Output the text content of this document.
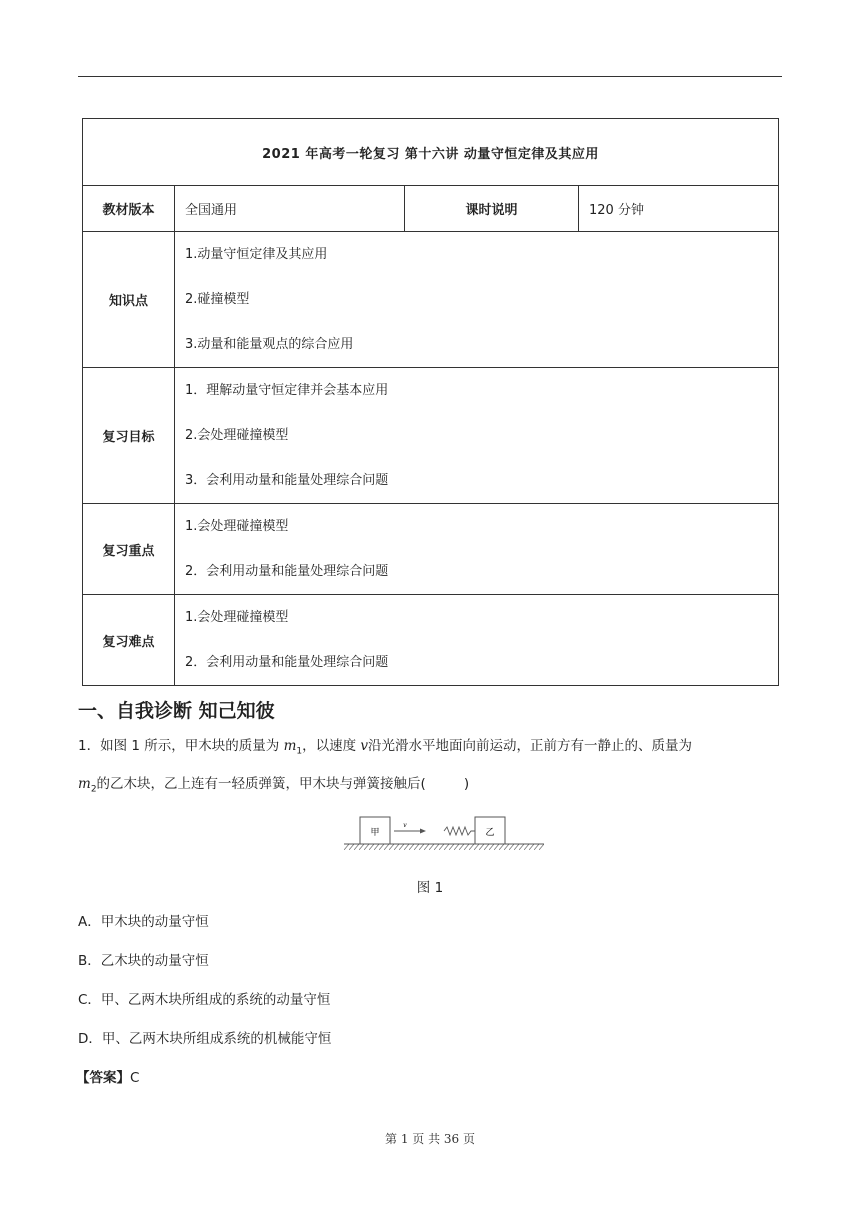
2021 年高考一轮复习 第十六讲 动量守恒定律及其应用			
教材版本	全国通用	课时说明	120 分钟
知识点	1.动量守恒定律及其应用
2.碰撞模型
3.动量和能量观点的综合应用		

复习目标	1．理解动量守恒定律并会基本应用
2.会处理碰撞模型
3．会利用动量和能量处理综合问题		

复习重点	1.会处理碰撞模型
2．会利用动量和能量处理综合问题		

复习难点	1.会处理碰撞模型
2．会利用动量和能量处理综合问题		
一、自我诊断 知己知彼
1．如图 1 所示，甲木块的质量为 $m_1$，以速度 v沿光滑水平地面向前运动，正前方有一静止的、质量为
$m_2$的乙木块，乙上连有一轻质弹簧，甲木块与弹簧接触后(	)
甲
v
乙
图 1
A．甲木块的动量守恒
B．乙木块的动量守恒
C．甲、乙两木块所组成的系统的动量守恒
D．甲、乙两木块所组成系统的机械能守恒
【答案】C
第 1 页 共 36 页
